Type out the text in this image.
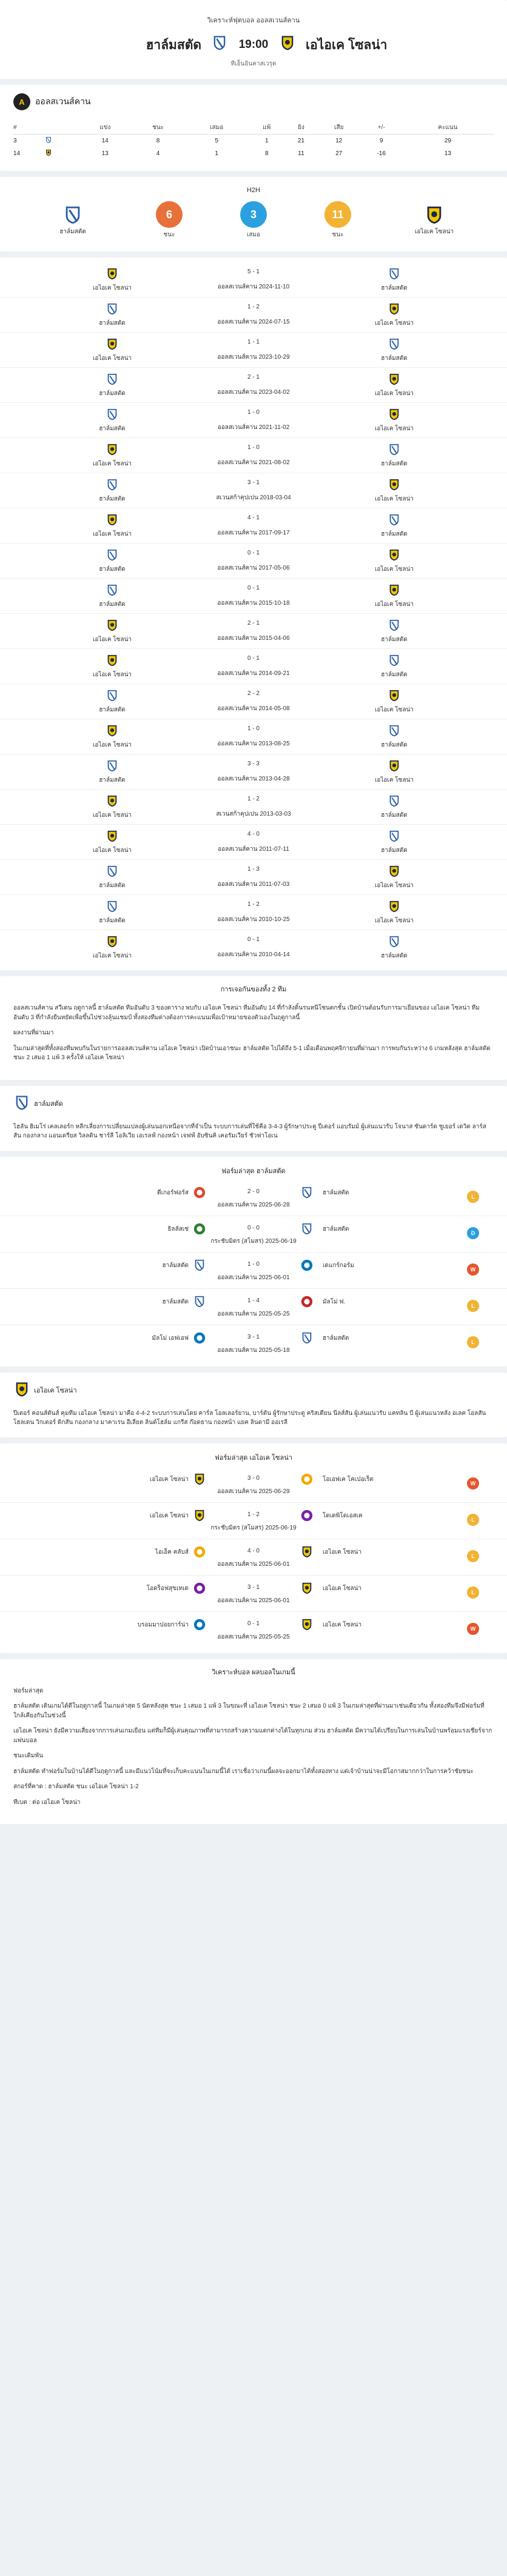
วิเคราะห์ฟุตบอล ออลสเวนส์คาน
ฮาล์มสตัด	19:00	เอไอเค โซลน่า
ทีเอ็นอินคาสเวรุต
A	ออลสเวนส์คาน
#		แข่ง	ชนะ	เสมอ	แพ้	ยิง	เสีย	+/-	คะแนน
3		14	8	5	1	21	12	9	29
14		13	4	1	8	11	27	-16	13
H2H
ฮาล์มสตัด
6
ชนะ
3
เสมอ
11
ชนะ	เอไอเค โซลน่า
เอไอเค โซลน่า
5 - 1
ออลสเวนส์คาน 2024-11-10	ฮาล์มสตัด
ฮาล์มสตัด
1 - 2
ออลสเวนส์คาน 2024-07-15	เอไอเค โซลน่า
เอไอเค โซลน่า
1 - 1
ออลสเวนส์คาน 2023-10-29	ฮาล์มสตัด
ฮาล์มสตัด
2 - 1
ออลสเวนส์คาน 2023-04-02	เอไอเค โซลน่า
ฮาล์มสตัด
1 - 0
ออลสเวนส์คาน 2021-11-02	เอไอเค โซลน่า
เอไอเค โซลน่า
1 - 0
ออลสเวนส์คาน 2021-08-02	ฮาล์มสตัด
ฮาล์มสตัด
3 - 1
สเวนสก้าคุปเปน 2018-03-04	เอไอเค โซลน่า
เอไอเค โซลน่า
4 - 1
ออลสเวนส์คาน 2017-09-17	ฮาล์มสตัด
ฮาล์มสตัด
0 - 1
ออลสเวนส์คาน 2017-05-06	เอไอเค โซลน่า
ฮาล์มสตัด
0 - 1
ออลสเวนส์คาน 2015-10-18	เอไอเค โซลน่า
เอไอเค โซลน่า
2 - 1
ออลสเวนส์คาน 2015-04-06	ฮาล์มสตัด
เอไอเค โซลน่า
0 - 1
ออลสเวนส์คาน 2014-09-21	ฮาล์มสตัด
ฮาล์มสตัด
2 - 2
ออลสเวนส์คาน 2014-05-08	เอไอเค โซลน่า
เอไอเค โซลน่า
1 - 0
ออลสเวนส์คาน 2013-08-25	ฮาล์มสตัด
ฮาล์มสตัด
3 - 3
ออลสเวนส์คาน 2013-04-28	เอไอเค โซลน่า
เอไอเค โซลน่า
1 - 2
สเวนสก้าคุปเปน 2013-03-03	ฮาล์มสตัด
เอไอเค โซลน่า
4 - 0
ออลสเวนส์คาน 2011-07-11	ฮาล์มสตัด
ฮาล์มสตัด
1 - 3
ออลสเวนส์คาน 2011-07-03	เอไอเค โซลน่า
ฮาล์มสตัด
1 - 2
ออลสเวนส์คาน 2010-10-25	เอไอเค โซลน่า
เอไอเค โซลน่า
0 - 1
ออลสเวนส์คาน 2010-04-14	ฮาล์มสตัด
การเจอกันของทั้ง 2 ทีม

ออลสเวนส์คาน สวีเดน ฤดูกาลนี้ ฮาล์มสตัด ทีมอันดับ 3 ของตาราง พบกับ เอไอเค โซลน่า ทีมอันดับ 14 ที่กำลังดิ้นรนหนีโซนตกชั้น เปิดบ้านต้อนรับการมาเยือนของ เอไอเค โซลน่า ทีมอันดับ 3 ที่กำลังยืนหยัดเพื่อขึ้นไปช่วงลุ้นแชมป์ ทั้งสองทีมต่างต้องการคะแนนเพื่อเป้าหมายของตัวเองในฤดูกาลนี้

ผลงานที่ผ่านมา

ในเกมล่าสุดที่ทั้งสองทีมพบกันในรายการออลสเวนส์คาน เอไอเค โซลน่า เปิดบ้านเอาชนะ ฮาล์มสตัด ไปได้ถึง 5-1 เมื่อเดือนพฤศจิกายนที่ผ่านมา การพบกันระหว่าง 6 เกมหลังสุด ฮาล์มสตัด ชนะ 2 เสมอ 1 แพ้ 3 ครั้งให้ เอไอเค โซลน่า

ฮาล์มสตัด

ไฮลัน ฮิเมโร่ เคลเลอร์ก หลีกเลี่ยงการเปลี่ยนแปลงผู้เล่นนอกเหนือจากที่จำเป็น ระบบการเล่นที่ใช้คือ 3-4-3 ผู้รักษาประตู ปีเตอร์ แอบรัมม์ ผู้เล่นแนวรับ โจนาส ซันดาร์ด ชูเยอร์ เดวิด ลาร์สสัน กองกลาง แอนเดรียส วิลลดิน ชาร์ลี โอลิเวีย เอเรลฟ์ กองหน้า เจฟฟ์ อับซินคิ เคอรัมเวียร์ ชัวฟาโอเน

ฟอร์มล่าสุด ฮาล์มสตัด
ดีเกอร์ฟอร์ส	2 - 0	ฮาล์มสตัด
ออลสเวนส์คาน 2025-06-28
L
ธิลลัสเซ่	0 - 0	ฮาล์มสตัด
กระชับมิตร (สโมสร) 2025-06-19
D
ฮาล์มสตัด	1 - 0	เดแกร์กอร์ม
ออลสเวนส์คาน 2025-06-01
W
ฮาล์มสตัด	1 - 4	มัลโม่ ฟ.
ออลสเวนส์คาน 2025-05-25
L
มัลโม่ เอฟเอฟ	3 - 1	ฮาล์มสตัด
ออลสเวนส์คาน 2025-05-18
L
เอไอเค โซลน่า

ปีเตอร์ คอนส์ตันส์ คุมทีม เอไอเค โซลน่า มาคือ 4-4-2 ระบบการเล่นโดย คาร์ล โอลเลอร์ยาน, บาร์ตัน ผู้รักษาประตู คริสเตียน นีลส์สัน ผู้เล่นแนวรับ แคทลิน บี ผู้เล่นแนวหลัง อเลค โอลสัน โฮลเดน วิกเตอร์ ดิกสัน กองกลาง มาคาเรน อีเลียต ลินด์โฮล์ม แกรีส ก๊อดธาน กองหน้า แยค ลินดามี ออเรลี

ฟอร์มล่าสุด เอไอเค โซลน่า
เอไอเค โซลน่า	3 - 0	โอเอฟเค โคเปอเร็ต
ออลสเวนส์คาน 2025-06-29
W
เอไอเค โซลน่า	1 - 2	โดเดพิโดเอสเค
กระชับมิตร (สโมสร) 2025-06-19
L
ไอเอ็ค คลับส์	4 - 0	เอไอเค โซลน่า
ออลสเวนส์คาน 2025-06-01
L
โอดร็อฟสุขเทเด	3 - 1	เอไอเค โซลน่า
ออลสเวนส์คาน 2025-06-01
L
บรอมมาปอยการ์น่า	0 - 1	เอไอเค โซลน่า
ออลสเวนส์คาน 2025-05-25
W
วิเคราะห์บอล ผลบอลในเกมนี้

ฟอร์มล่าสุด

ฮาล์มสตัด เดินเกมได้ดีในฤดูกาลนี้ ในเกมล่าสุด 5 นัดหลังสุด ชนะ 1 เสมอ 1 แพ้ 3 ในขณะที่ เอไอเค โซลน่า ชนะ 2 เสมอ 0 แพ้ 3 ในเกมล่าสุดที่ผ่านมาเช่นเดียวกัน ทั้งสองทีมจึงมีฟอร์มที่ใกล้เคียงกันในช่วงนี้

เอไอเค โซลน่า ยังมีความเสี่ยงจากการเล่นเกมเยือน แต่ทีมก็มีผู้เล่นคุณภาพที่สามารถสร้างความแตกต่างได้ในทุกเกม ส่วน ฮาล์มสตัด มีความได้เปรียบในการเล่นในบ้านพร้อมแรงเชียร์จากแฟนบอล

ชนะเดิมพัน

ฮาล์มสตัด ทำฟอร์มในบ้านได้ดีในฤดูกาลนี้ และมีแนวโน้มที่จะเก็บคะแนนในเกมนี้ได้ เราเชื่อว่าเกมนี้ผลจะออกมาได้ทั้งสองทาง แต่เจ้าบ้านน่าจะมีโอกาสมากกว่าในการคว้าชัยชนะ

สกอร์ที่คาด : ฮาล์มสตัด ชนะ เอไอเค โซลน่า 1-2

ทีเบต : ต่อ เอไอเค โซลน่า
